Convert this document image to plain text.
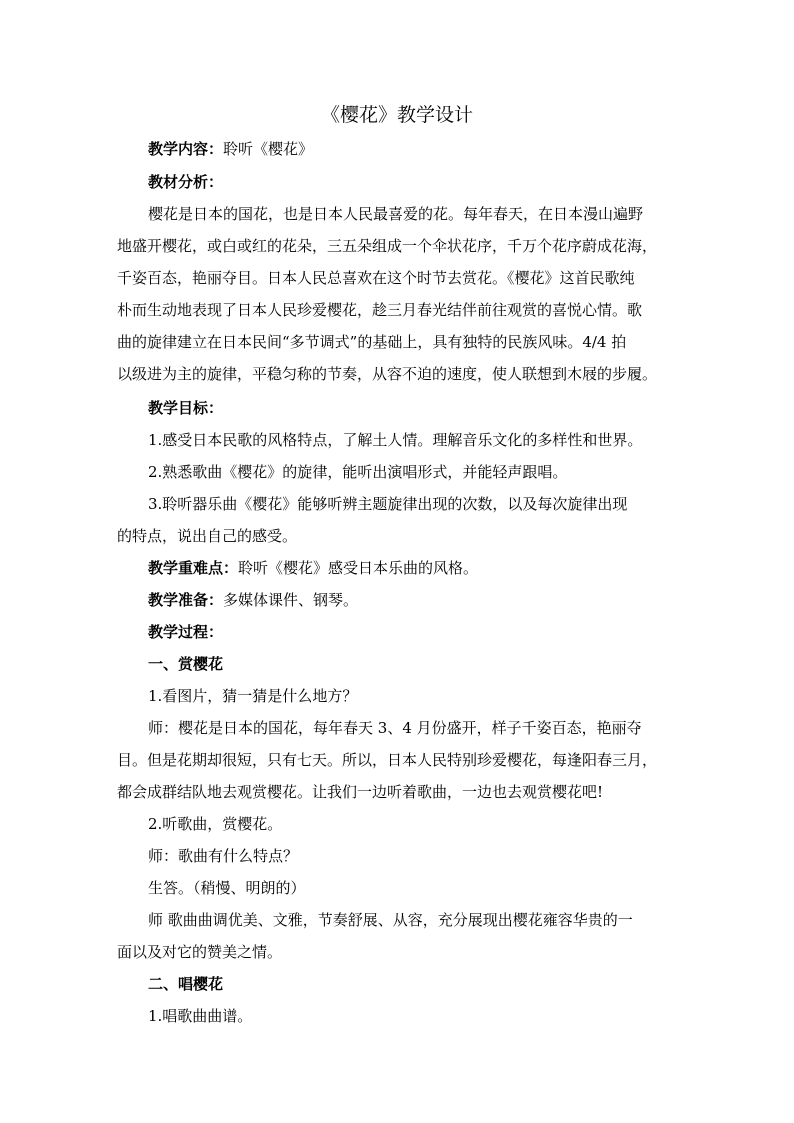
《樱花》教学设计
教学内容：聆听《樱花》
教材分析：
樱花是日本的国花，也是日本人民最喜爱的花。每年春天，在日本漫山遍野
地盛开樱花，或白或红的花朵，三五朵组成一个伞状花序，千万个花序蔚成花海，
千姿百态，艳丽夺目。日本人民总喜欢在这个时节去赏花。《樱花》这首民歌纯
朴而生动地表现了日本人民珍爱樱花，趁三月春光结伴前往观赏的喜悦心情。歌
曲的旋律建立在日本民间“多节调式”的基础上，具有独特的民族风味。4/4 拍
以级进为主的旋律，平稳匀称的节奏，从容不迫的速度，使人联想到木屐的步履。
教学目标：
1.感受日本民歌的风格特点，了解土人情。理解音乐文化的多样性和世界。
2.熟悉歌曲《樱花》的旋律，能听出演唱形式，并能轻声跟唱。
3.聆听器乐曲《樱花》能够听辨主题旋律出现的次数，以及每次旋律出现
的特点，说出自己的感受。
教学重难点：聆听《樱花》感受日本乐曲的风格。
教学准备：多媒体课件、钢琴。
教学过程：
一、赏樱花
1.看图片，猜一猜是什么地方？
师：樱花是日本的国花，每年春天 3、4 月份盛开，样子千姿百态，艳丽夺
目。但是花期却很短，只有七天。所以，日本人民特别珍爱樱花，每逢阳春三月，
都会成群结队地去观赏樱花。让我们一边听着歌曲，一边也去观赏樱花吧!
2.听歌曲，赏樱花。
师：歌曲有什么特点？
生答。（稍慢、明朗的）
师 歌曲曲调优美、文雅，节奏舒展、从容，充分展现出樱花雍容华贵的一
面以及对它的赞美之情。
二、唱樱花
1.唱歌曲曲谱。
